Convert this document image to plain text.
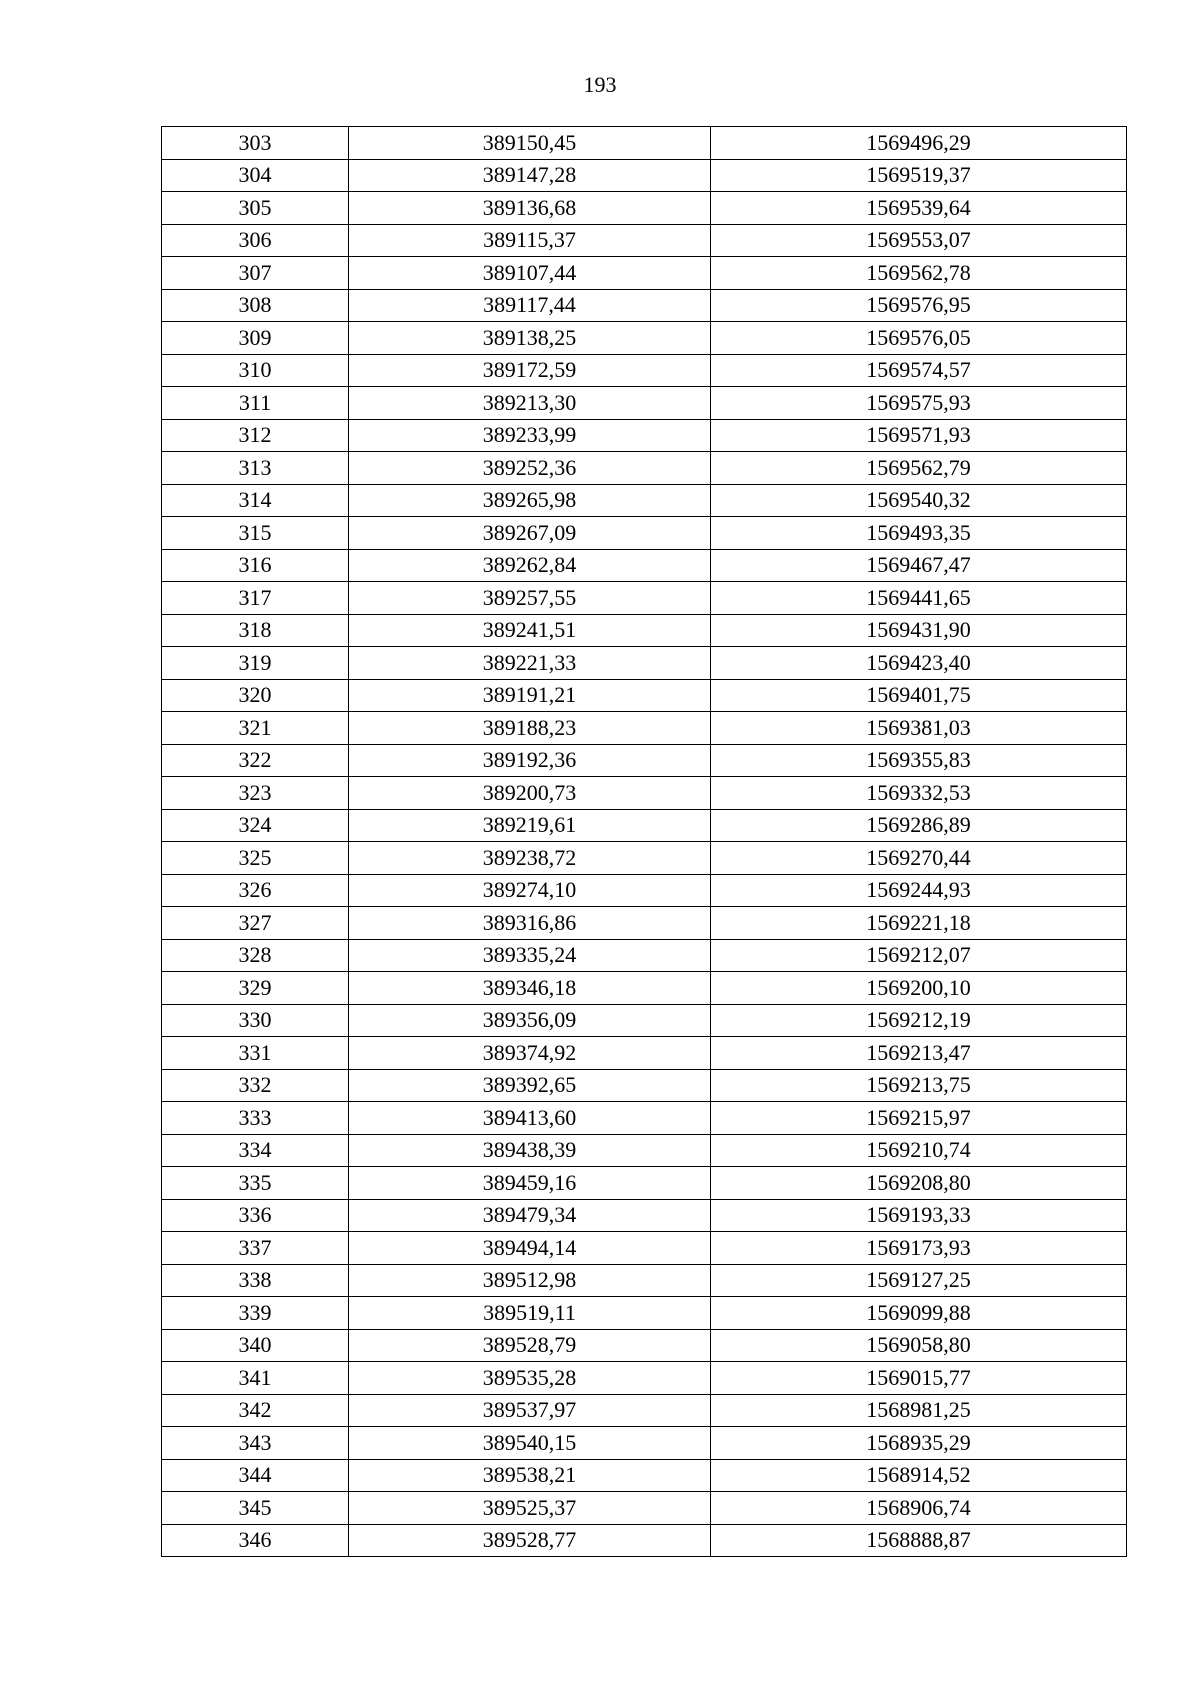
193
303	389150,45	1569496,29
304	389147,28	1569519,37
305	389136,68	1569539,64
306	389115,37	1569553,07
307	389107,44	1569562,78
308	389117,44	1569576,95
309	389138,25	1569576,05
310	389172,59	1569574,57
311	389213,30	1569575,93
312	389233,99	1569571,93
313	389252,36	1569562,79
314	389265,98	1569540,32
315	389267,09	1569493,35
316	389262,84	1569467,47
317	389257,55	1569441,65
318	389241,51	1569431,90
319	389221,33	1569423,40
320	389191,21	1569401,75
321	389188,23	1569381,03
322	389192,36	1569355,83
323	389200,73	1569332,53
324	389219,61	1569286,89
325	389238,72	1569270,44
326	389274,10	1569244,93
327	389316,86	1569221,18
328	389335,24	1569212,07
329	389346,18	1569200,10
330	389356,09	1569212,19
331	389374,92	1569213,47
332	389392,65	1569213,75
333	389413,60	1569215,97
334	389438,39	1569210,74
335	389459,16	1569208,80
336	389479,34	1569193,33
337	389494,14	1569173,93
338	389512,98	1569127,25
339	389519,11	1569099,88
340	389528,79	1569058,80
341	389535,28	1569015,77
342	389537,97	1568981,25
343	389540,15	1568935,29
344	389538,21	1568914,52
345	389525,37	1568906,74
346	389528,77	1568888,87
